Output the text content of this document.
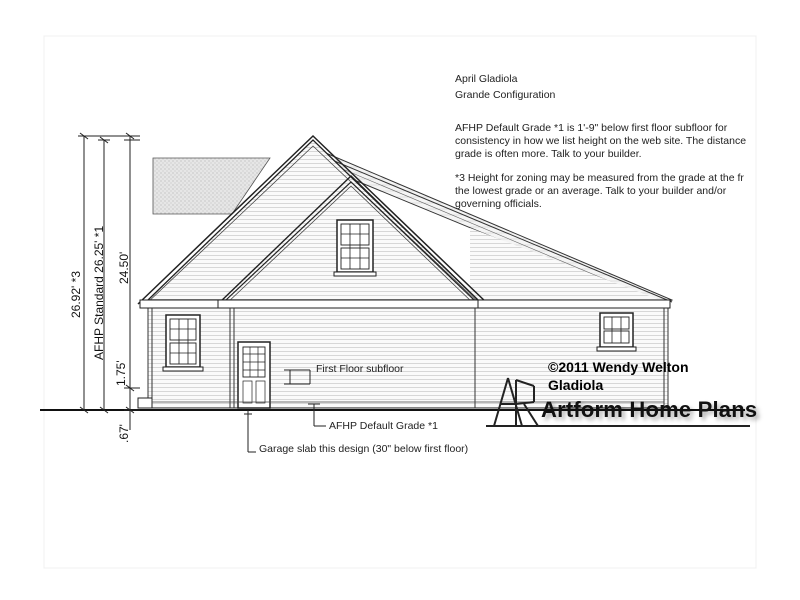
April Gladiola
Grande Configuration
AFHP Default Grade *1 is 1'-9" below first floor subfloor for
consistency in how we list height on the web site. The distance
grade is often more. Talk to your builder.
*3 Height for zoning may be measured from the grade at the fr
the lowest grade or an average. Talk to your builder and/or
governing officials.
26.92' *3 AFHP Standard 26.25' *1 24.50'
1.75'
.67'
First Floor subfloor
AFHP Default Grade *1
Garage slab this design (30" below first floor)
©2011 Wendy Welton
Gladiola
Artform Home Plans
